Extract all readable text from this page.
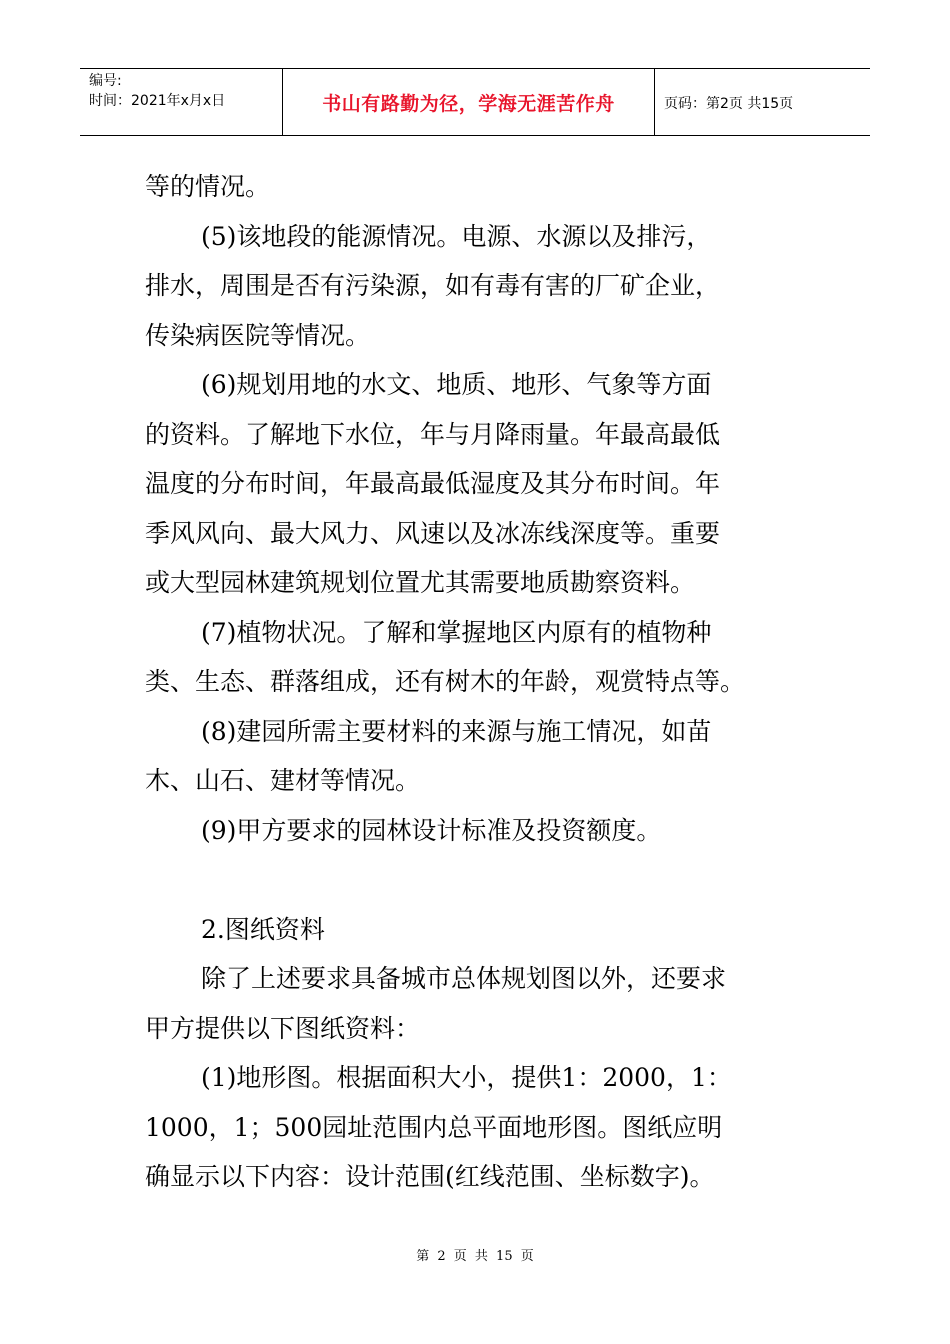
编号:
时间：2021年x月x日	书山有路勤为径，学海无涯苦作舟	页码：第2页 共15页
等的情况。
(5)该地段的能源情况。电源、水源以及排污，
排水，周围是否有污染源，如有毒有害的厂矿企业，
传染病医院等情况。
(6)规划用地的水文、地质、地形、气象等方面
的资料。了解地下水位，年与月降雨量。年最高最低
温度的分布时间，年最高最低湿度及其分布时间。年
季风风向、最大风力、风速以及冰冻线深度等。重要
或大型园林建筑规划位置尤其需要地质勘察资料。
(7)植物状况。了解和掌握地区内原有的植物种
类、生态、群落组成，还有树木的年龄，观赏特点等。
(8)建园所需主要材料的来源与施工情况，如苗
木、山石、建材等情况。
(9)甲方要求的园林设计标准及投资额度。
2.图纸资料
除了上述要求具备城市总体规划图以外，还要求
甲方提供以下图纸资料：
(1)地形图。根据面积大小，提供1：2000，1：
1000，1；500园址范围内总平面地形图。图纸应明
确显示以下内容：设计范围(红线范围、坐标数字)。
第 2 页 共 15 页
